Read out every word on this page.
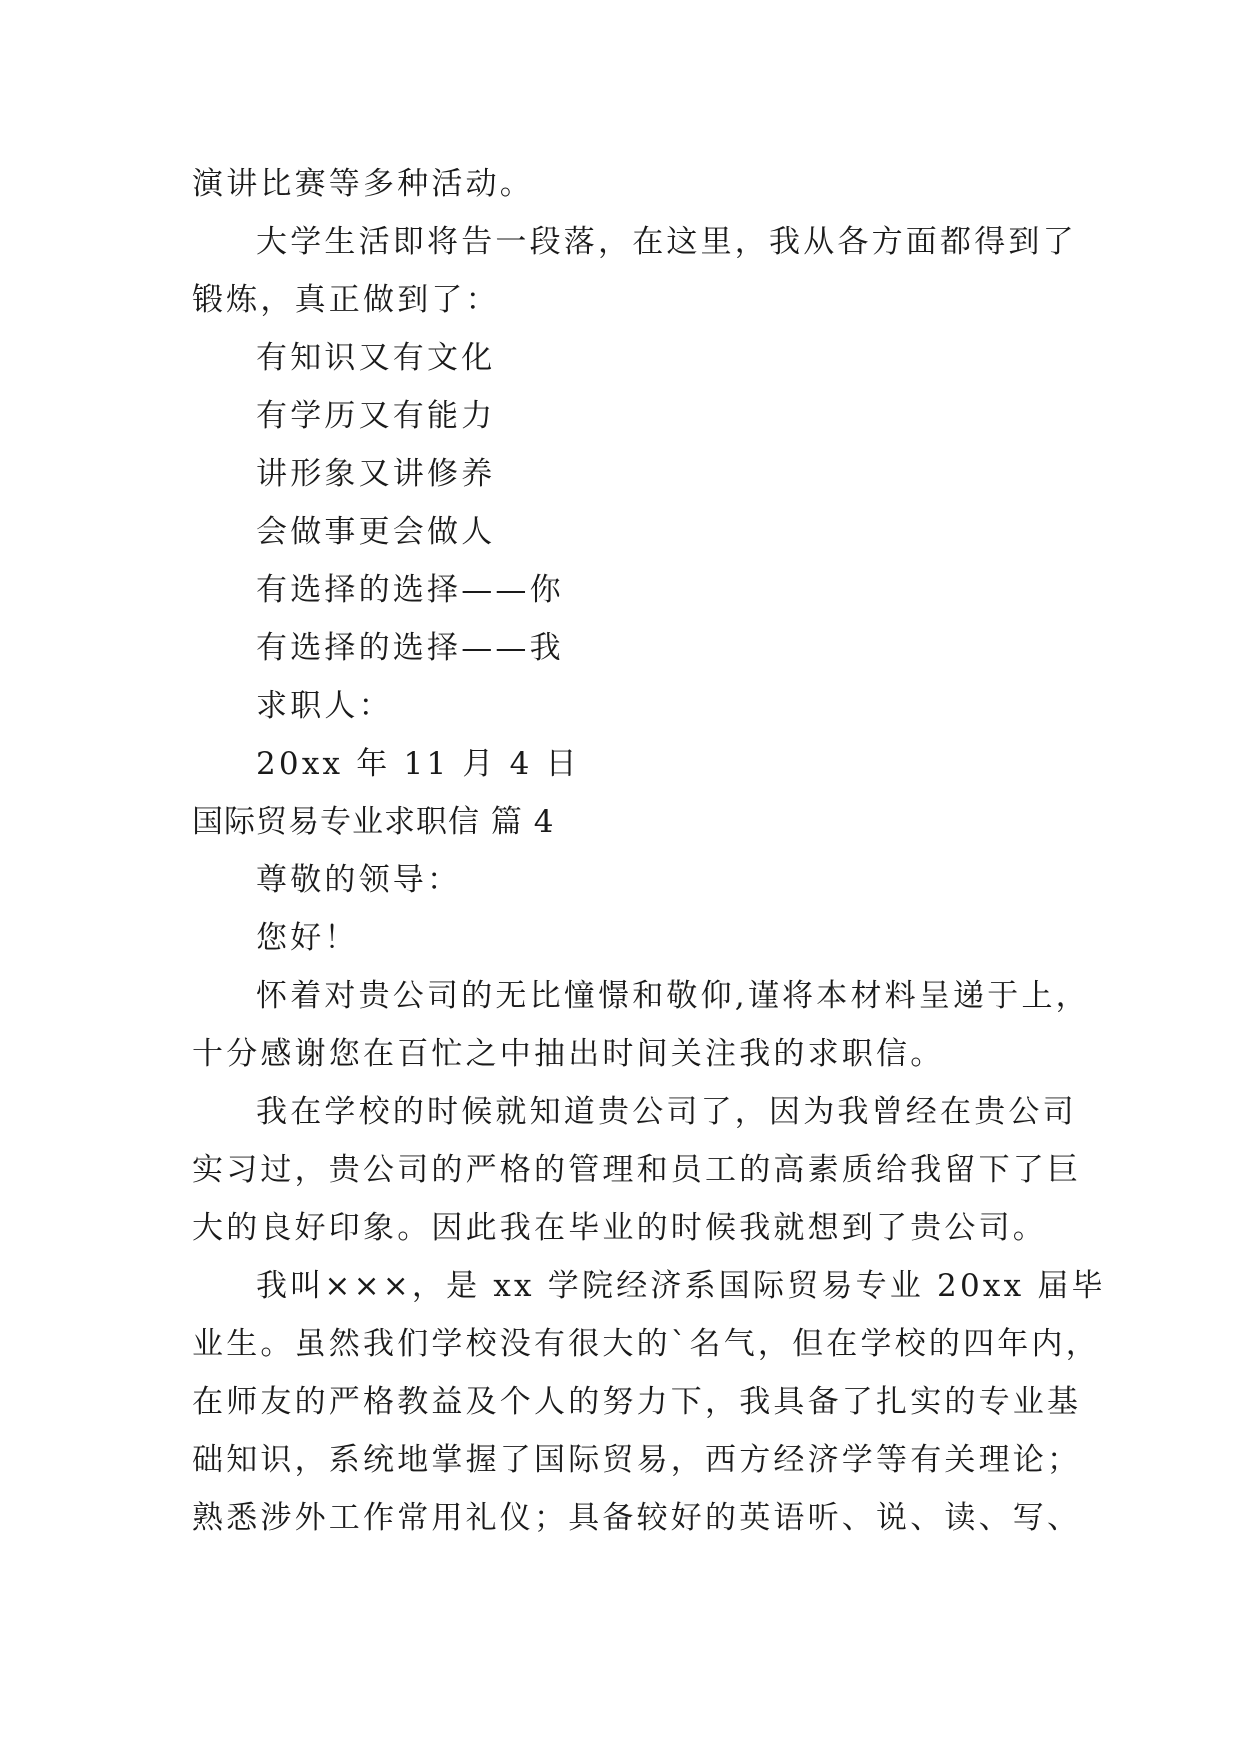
演讲比赛等多种活动。
大学生活即将告一段落，在这里，我从各方面都得到了
锻炼，真正做到了：
有知识又有文化
有学历又有能力
讲形象又讲修养
会做事更会做人
有选择的选择——你
有选择的选择——我
求职人：
20xx 年 11 月 4 日
国际贸易专业求职信 篇 4
尊敬的领导：
您好！
怀着对贵公司的无比憧憬和敬仰,谨将本材料呈递于上，
十分感谢您在百忙之中抽出时间关注我的求职信。
我在学校的时候就知道贵公司了，因为我曾经在贵公司
实习过，贵公司的严格的管理和员工的高素质给我留下了巨
大的良好印象。因此我在毕业的时候我就想到了贵公司。
我叫×××，是 xx 学院经济系国际贸易专业 20xx 届毕
业生。虽然我们学校没有很大的`名气，但在学校的四年内，
在师友的严格教益及个人的努力下，我具备了扎实的专业基
础知识，系统地掌握了国际贸易，西方经济学等有关理论；
熟悉涉外工作常用礼仪；具备较好的英语听、说、读、写、
